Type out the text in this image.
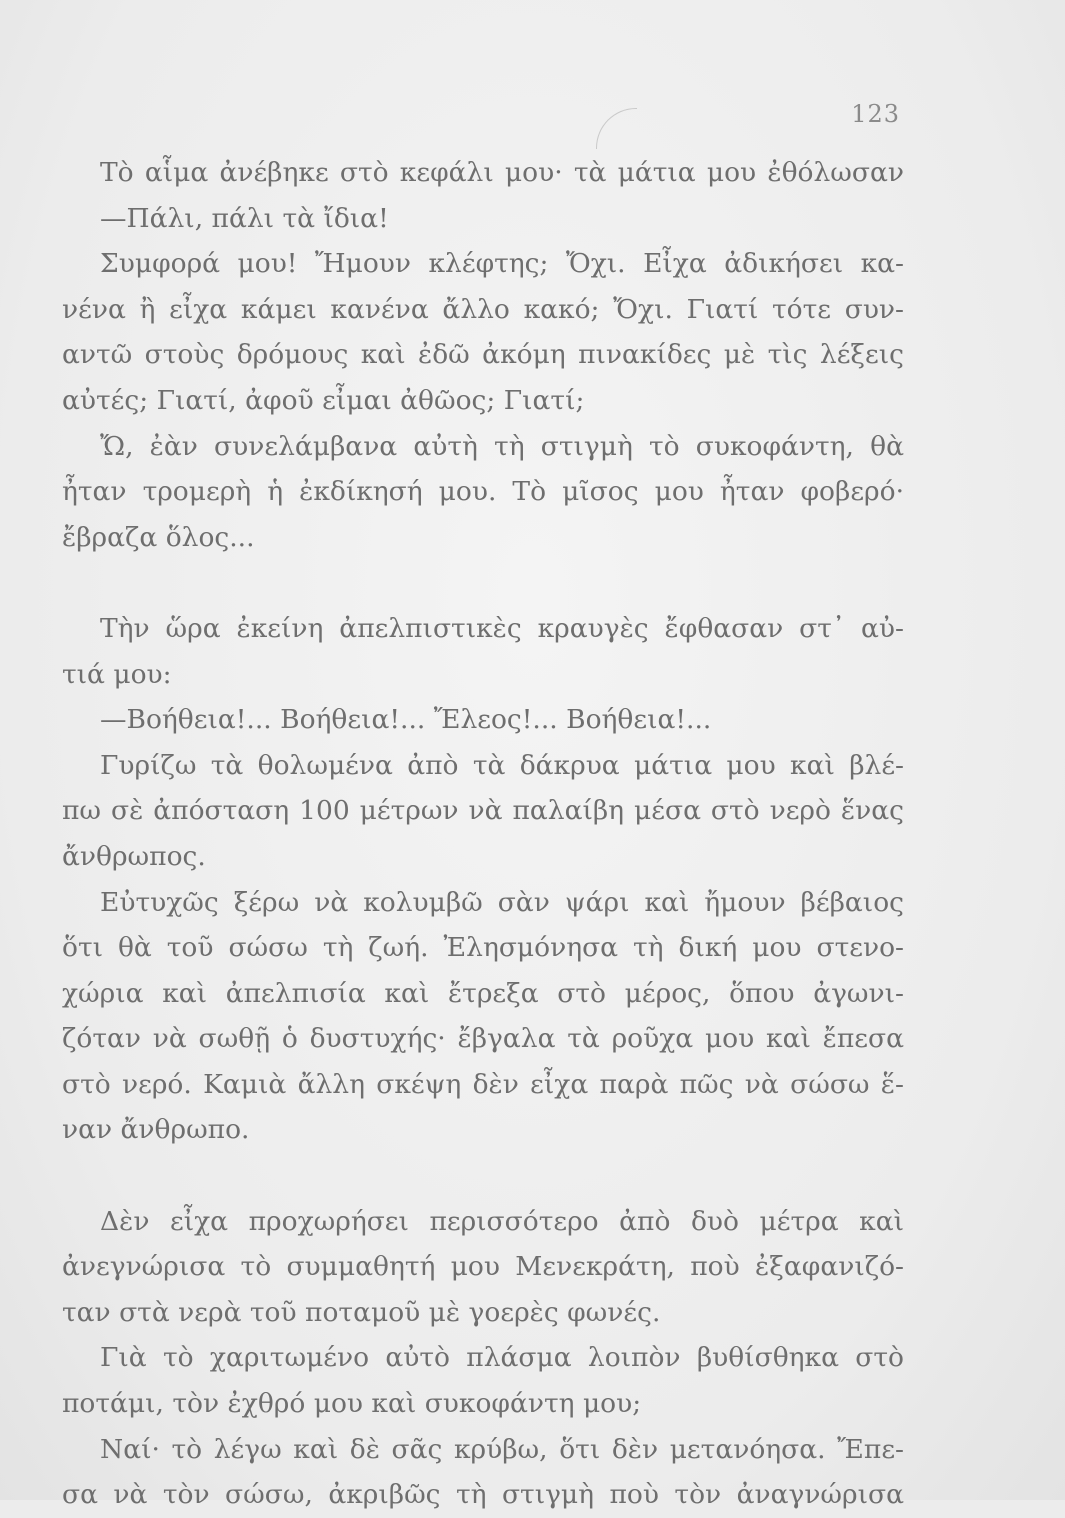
123
Τὸ αἷμα ἀνέβηκε στὸ κεφάλι μου· τὰ μάτια μου ἐθόλωσαν
—Πάλι, πάλι τὰ ἴδια!
Συμφορά μου! Ἤμουν κλέφτης; Ὄχι. Εἶχα ἀδικήσει κα-
νένα ἢ εἶχα κάμει κανένα ἄλλο κακό; Ὄχι. Γιατί τότε συν-
αντῶ στοὺς δρόμους καὶ ἐδῶ ἀκόμη πινακίδες μὲ τὶς λέξεις
αὐτές; Γιατί, ἀφοῦ εἶμαι ἀθῶος; Γιατί;
Ὤ, ἐὰν συνελάμβανα αὐτὴ τὴ στιγμὴ τὸ συκοφάντη, θὰ
ἦταν τρομερὴ ἡ ἐκδίκησή μου. Τὸ μῖσος μου ἦταν φοβερό·
ἔβραζα ὅλος...
Τὴν ὥρα ἐκείνη ἀπελπιστικὲς κραυγὲς ἔφθασαν στ᾽ αὐ-
τιά μου:
—Βοήθεια!... Βοήθεια!... Ἔλεος!... Βοήθεια!...
Γυρίζω τὰ θολωμένα ἀπὸ τὰ δάκρυα μάτια μου καὶ βλέ-
πω σὲ ἀπόσταση 100 μέτρων νὰ παλαίβη μέσα στὸ νερὸ ἕνας
ἄνθρωπος.
Εὐτυχῶς ξέρω νὰ κολυμβῶ σὰν ψάρι καὶ ἤμουν βέβαιος
ὅτι θὰ τοῦ σώσω τὴ ζωή. Ἐλησμόνησα τὴ δική μου στενο-
χώρια καὶ ἀπελπισία καὶ ἔτρεξα στὸ μέρος, ὅπου ἀγωνι-
ζόταν νὰ σωθῇ ὁ δυστυχής· ἔβγαλα τὰ ροῦχα μου καὶ ἔπεσα
στὸ νερό. Καμιὰ ἄλλη σκέψη δὲν εἶχα παρὰ πῶς νὰ σώσω ἕ-
ναν ἄνθρωπο.
Δὲν εἶχα προχωρήσει περισσότερο ἀπὸ δυὸ μέτρα καὶ
ἀνεγνώρισα τὸ συμμαθητή μου Μενεκράτη, ποὺ ἐξαφανιζό-
ταν στὰ νερὰ τοῦ ποταμοῦ μὲ γοερὲς φωνές.
Γιὰ τὸ χαριτωμένο αὐτὸ πλάσμα λοιπὸν βυθίσθηκα στὸ
ποτάμι, τὸν ἐχθρό μου καὶ συκοφάντη μου;
Ναί· τὸ λέγω καὶ δὲ σᾶς κρύβω, ὅτι δὲν μετανόησα. Ἔπε-
σα νὰ τὸν σώσω, ἀκριβῶς τὴ στιγμὴ ποὺ τὸν ἀναγνώρισα
